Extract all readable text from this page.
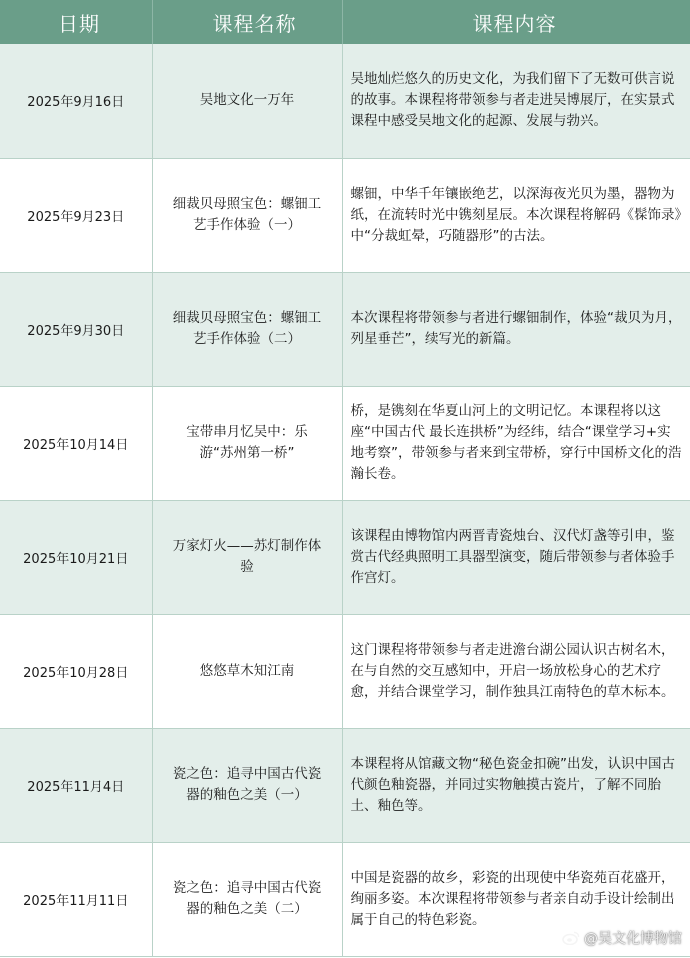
日期	课程名称	课程内容
2025年9月16日	吴地文化一万年	吴地灿烂悠久的历史文化，为我们留下了无数可供言说的故事。本课程将带领参与者走进吴博展厅，在实景式课程中感受吴地文化的起源、发展与勃兴。
2025年9月23日	细裁贝母照宝色：螺钿工艺手作体验（一）	螺钿，中华千年镶嵌绝艺，以深海夜光贝为墨，器物为纸，在流转时光中镌刻星辰。本次课程将解码《髹饰录》中“分裁虹晕，巧随器形”的古法。
2025年9月30日	细裁贝母照宝色：螺钿工艺手作体验（二）	本次课程将带领参与者进行螺钿制作，体验“裁贝为月，列星垂芒”，续写光的新篇。
2025年10月14日	宝带串月忆吴中：乐游“苏州第一桥”	桥，是镌刻在华夏山河上的文明记忆。本课程将以这座“中国古代 最长连拱桥”为经纬，结合“课堂学习+实地考察”，带领参与者来到宝带桥，穿行中国桥文化的浩瀚长卷。
2025年10月21日	万家灯火——苏灯制作体验	该课程由博物馆内两晋青瓷烛台、汉代灯盏等引申，鉴赏古代经典照明工具器型演变，随后带领参与者体验手作宫灯。
2025年10月28日	悠悠草木知江南	这门课程将带领参与者走进澹台湖公园认识古树名木，在与自然的交互感知中，开启一场放松身心的艺术疗愈，并结合课堂学习，制作独具江南特色的草木标本。
2025年11月4日	瓷之色：追寻中国古代瓷器的釉色之美（一）	本课程将从馆藏文物“秘色瓷金扣碗”出发，认识中国古代颜色釉瓷器，并同过实物触摸古瓷片，了解不同胎土、釉色等。
2025年11月11日	瓷之色：追寻中国古代瓷器的釉色之美（二）	中国是瓷器的故乡，彩瓷的出现使中华瓷苑百花盛开，绚丽多姿。本次课程将带领参与者亲自动手设计绘制出属于自己的特色彩瓷。
@吴文化博物馆
